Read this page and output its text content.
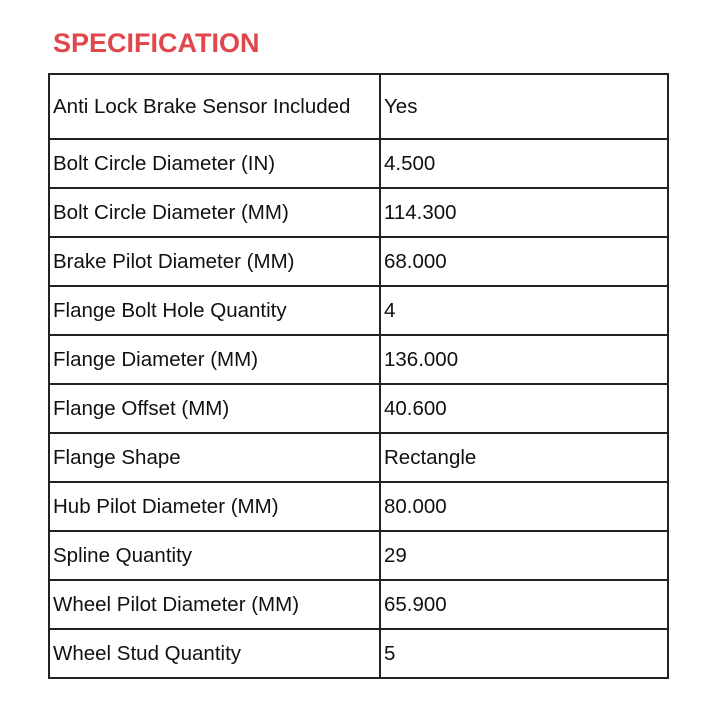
SPECIFICATION
Anti Lock Brake Sensor Included	Yes
Bolt Circle Diameter (IN)	4.500
Bolt Circle Diameter (MM)	114.300
Brake Pilot Diameter (MM)	68.000
Flange Bolt Hole Quantity	4
Flange Diameter (MM)	136.000
Flange Offset (MM)	40.600
Flange Shape	Rectangle
Hub Pilot Diameter (MM)	80.000
Spline Quantity	29
Wheel Pilot Diameter (MM)	65.900
Wheel Stud Quantity	5
